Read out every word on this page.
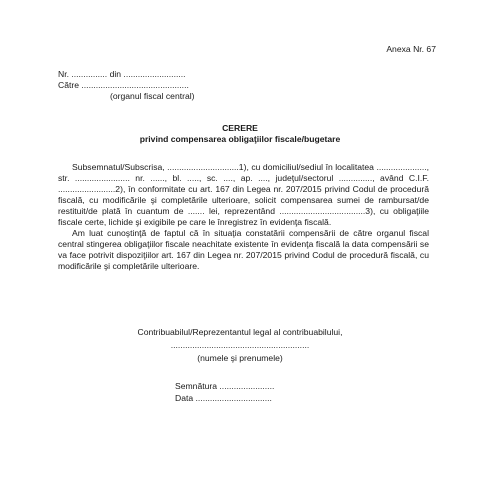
Anexa Nr. 67
Nr. ............... din ..........................
Către .............................................
(organul fiscal central)
CERERE
privind compensarea obligaţiilor fiscale/bugetare

Subsemnatul/Subscrisa, ..............................1), cu domiciliul/sediul în localitatea ....................., str. ....................... nr. ......, bl. ....., sc. ...., ap. ...., judeţul/sectorul .............., având C.I.F. ........................2), în conformitate cu art. 167 din Legea nr. 207/2015 privind Codul de procedură fiscală, cu modificările şi completările ulterioare, solicit compensarea sumei de rambursat/de restituit/de plată în cuantum de ....... lei, reprezentând ....................................3), cu obligaţiile fiscale certe, lichide şi exigibile pe care le înregistrez în evidenţa fiscală.

Am luat cunoştinţă de faptul că în situaţia constatării compensării de către organul fiscal central stingerea obligaţiilor fiscale neachitate existente în evidenţa fiscală la data compensării se va face potrivit dispoziţiilor art. 167 din Legea nr. 207/2015 privind Codul de procedură fiscală, cu modificările şi completările ulterioare.

Contribuabilul/Reprezentantul legal al contribuabilului,
..........................................................
(numele şi prenumele)
Semnătura .......................
Data ................................
